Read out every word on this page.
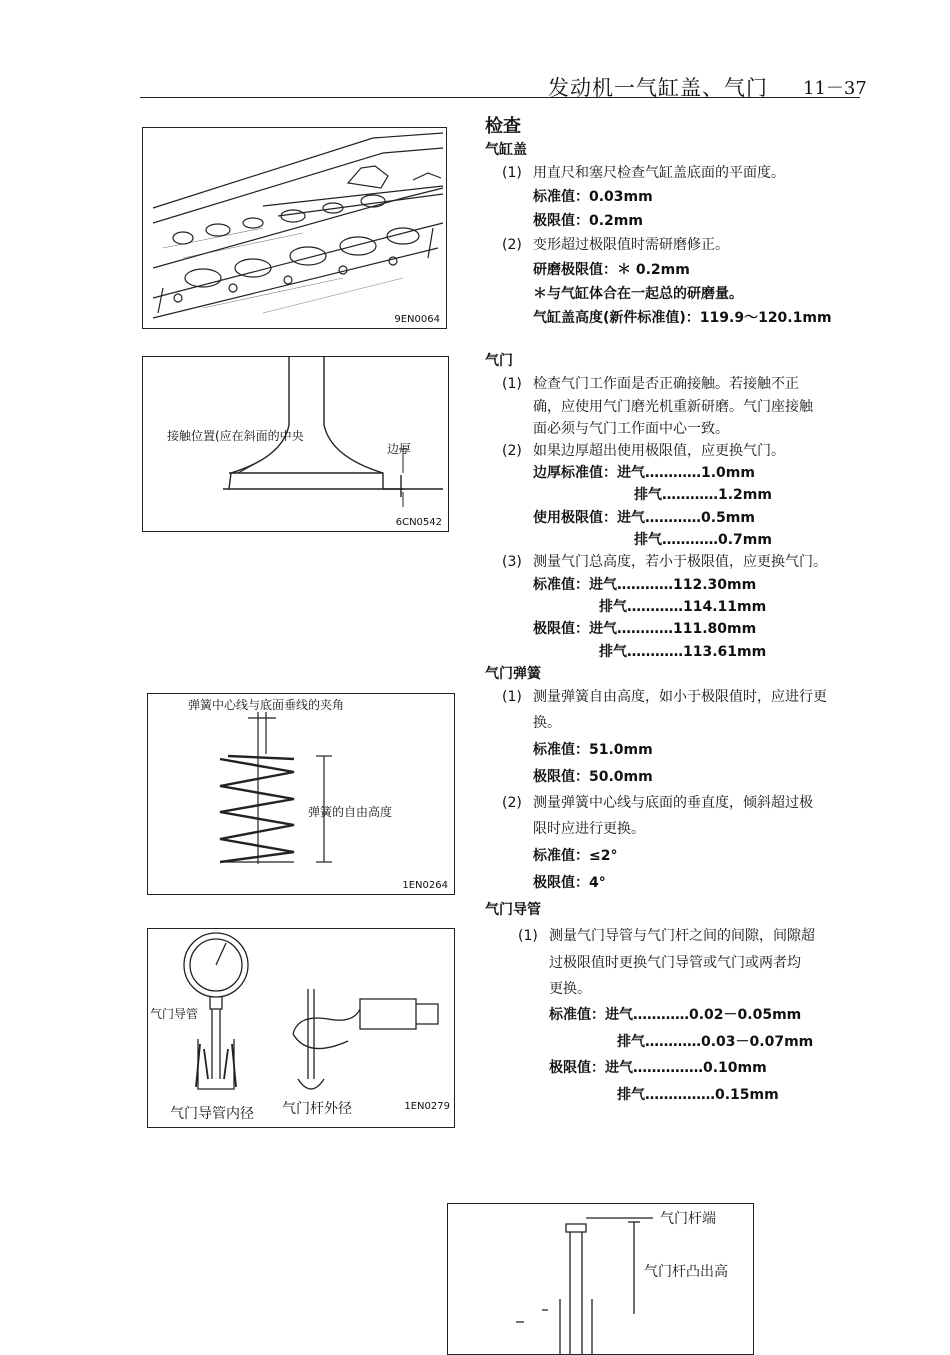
发动机一气缸盖、气门 11－37
检查
气缸盖
(1) 用直尺和塞尺检查气缸盖底面的平面度。
标准值：0.03mm
极限值：0.2mm
(2) 变形超过极限值时需研磨修正。
研磨极限值：＊ 0.2mm
＊与气缸体合在一起总的研磨量。
气缸盖高度(新件标准值)：119.9～120.1mm
气门
(1) 检查气门工作面是否正确接触。若接触不正
确，应使用气门磨光机重新研磨。气门座接触
面必须与气门工作面中心一致。
(2) 如果边厚超出使用极限值，应更换气门。
边厚标准值：进气…………1.0mm
排气…………1.2mm
使用极限值：进气…………0.5mm
排气…………0.7mm
(3) 测量气门总高度，若小于极限值，应更换气门。
标准值：进气…………112.30mm
排气…………114.11mm
极限值：进气…………111.80mm
排气…………113.61mm
气门弹簧
(1) 测量弹簧自由高度，如小于极限值时，应进行更
换。
标准值：51.0mm
极限值：50.0mm
(2) 测量弹簧中心线与底面的垂直度，倾斜超过极
限时应进行更换。
标准值：≤2°
极限值：4°
气门导管
(1) 测量气门导管与气门杆之间的间隙，间隙超
过极限值时更换气门导管或气门或两者均
更换。
标准值：进气…………0.02－0.05mm
排气…………0.03－0.07mm
极限值：进气……………0.10mm
排气……………0.15mm
9EN0064
接触位置(应在斜面的中央
边厚
6CN0542
弹簧中心线与底面垂线的夹角
弹簧的自由高度
1EN0264
气门导管
气门导管内径 气门杆外径	1EN0279
气门杆端
气门杆凸出高
